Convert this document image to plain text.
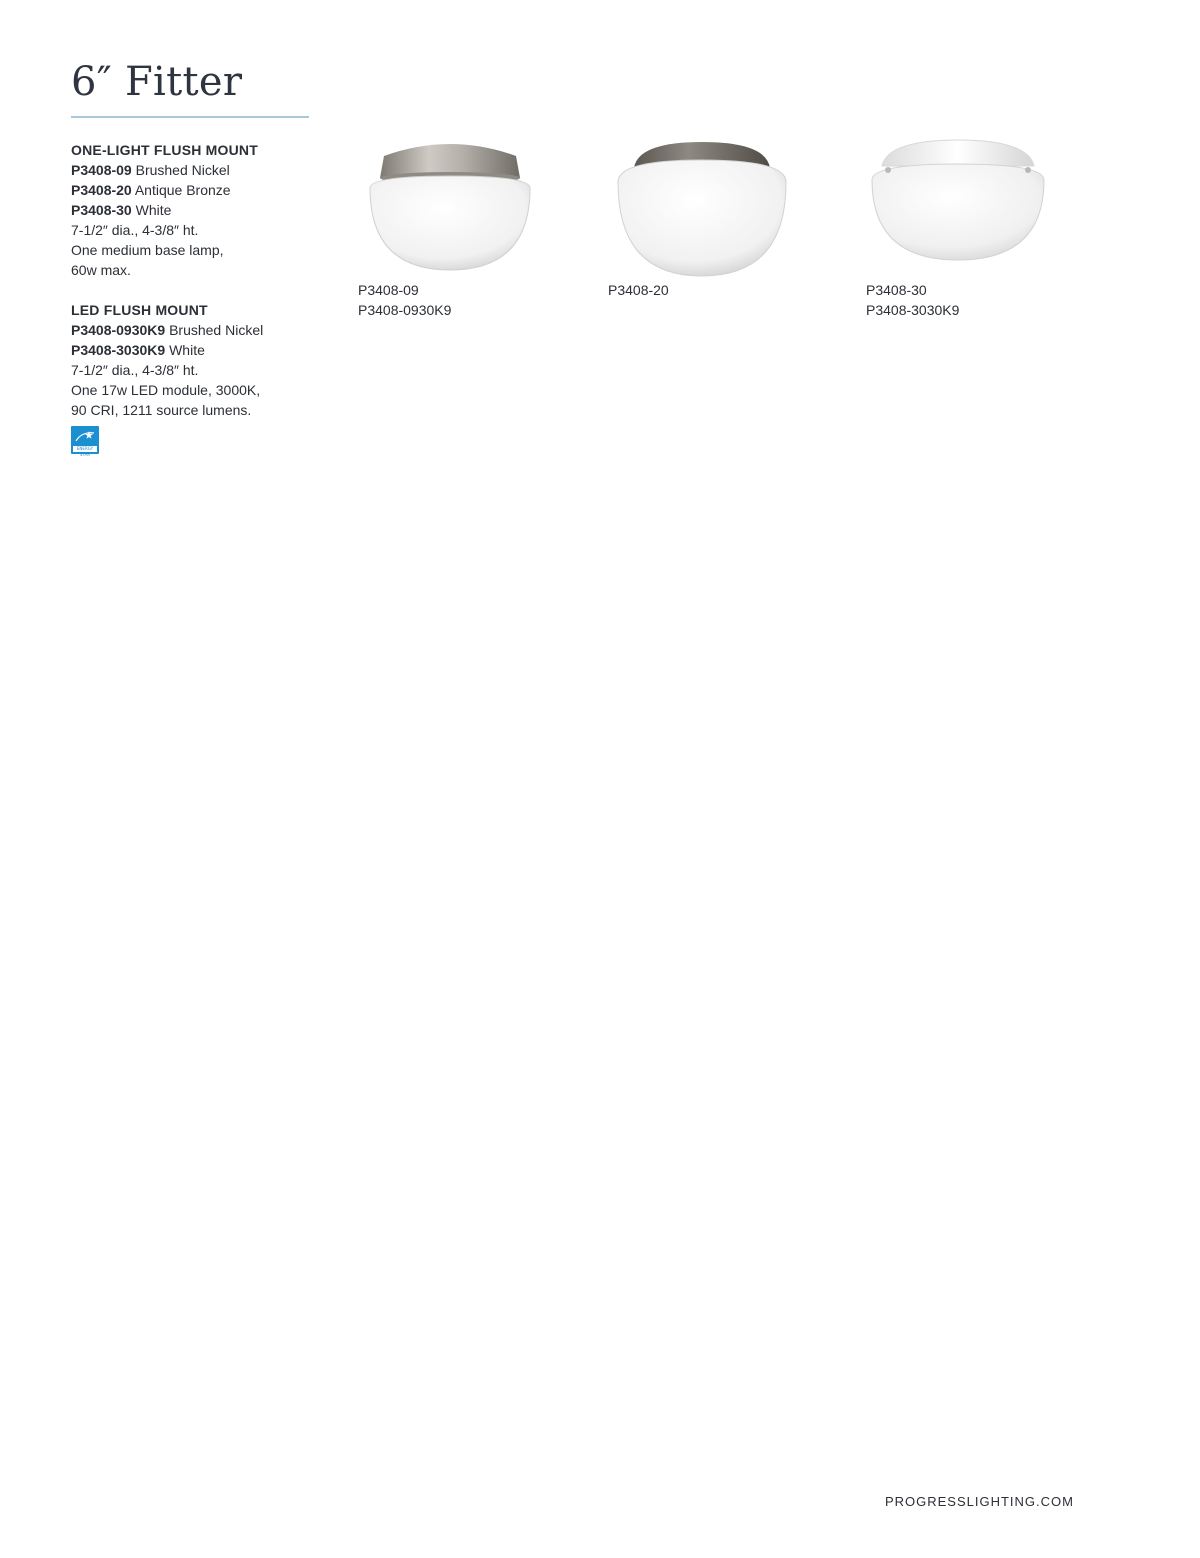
6″ Fitter
ONE-LIGHT FLUSH MOUNT
P3408-09 Brushed Nickel
P3408-20 Antique Bronze
P3408-30 White
7-1/2″ dia., 4-3/8″ ht.
One medium base lamp,
60w max.
LED FLUSH MOUNT
P3408-0930K9 Brushed Nickel
P3408-3030K9 White
7-1/2″ dia., 4-3/8″ ht.
One 17w LED module, 3000K,
90 CRI, 1211 source lumens.
ENERGY STAR
P3408-09
P3408-0930K9
P3408-20	P3408-30
P3408-3030K9
PROGRESSLIGHTING.COM
